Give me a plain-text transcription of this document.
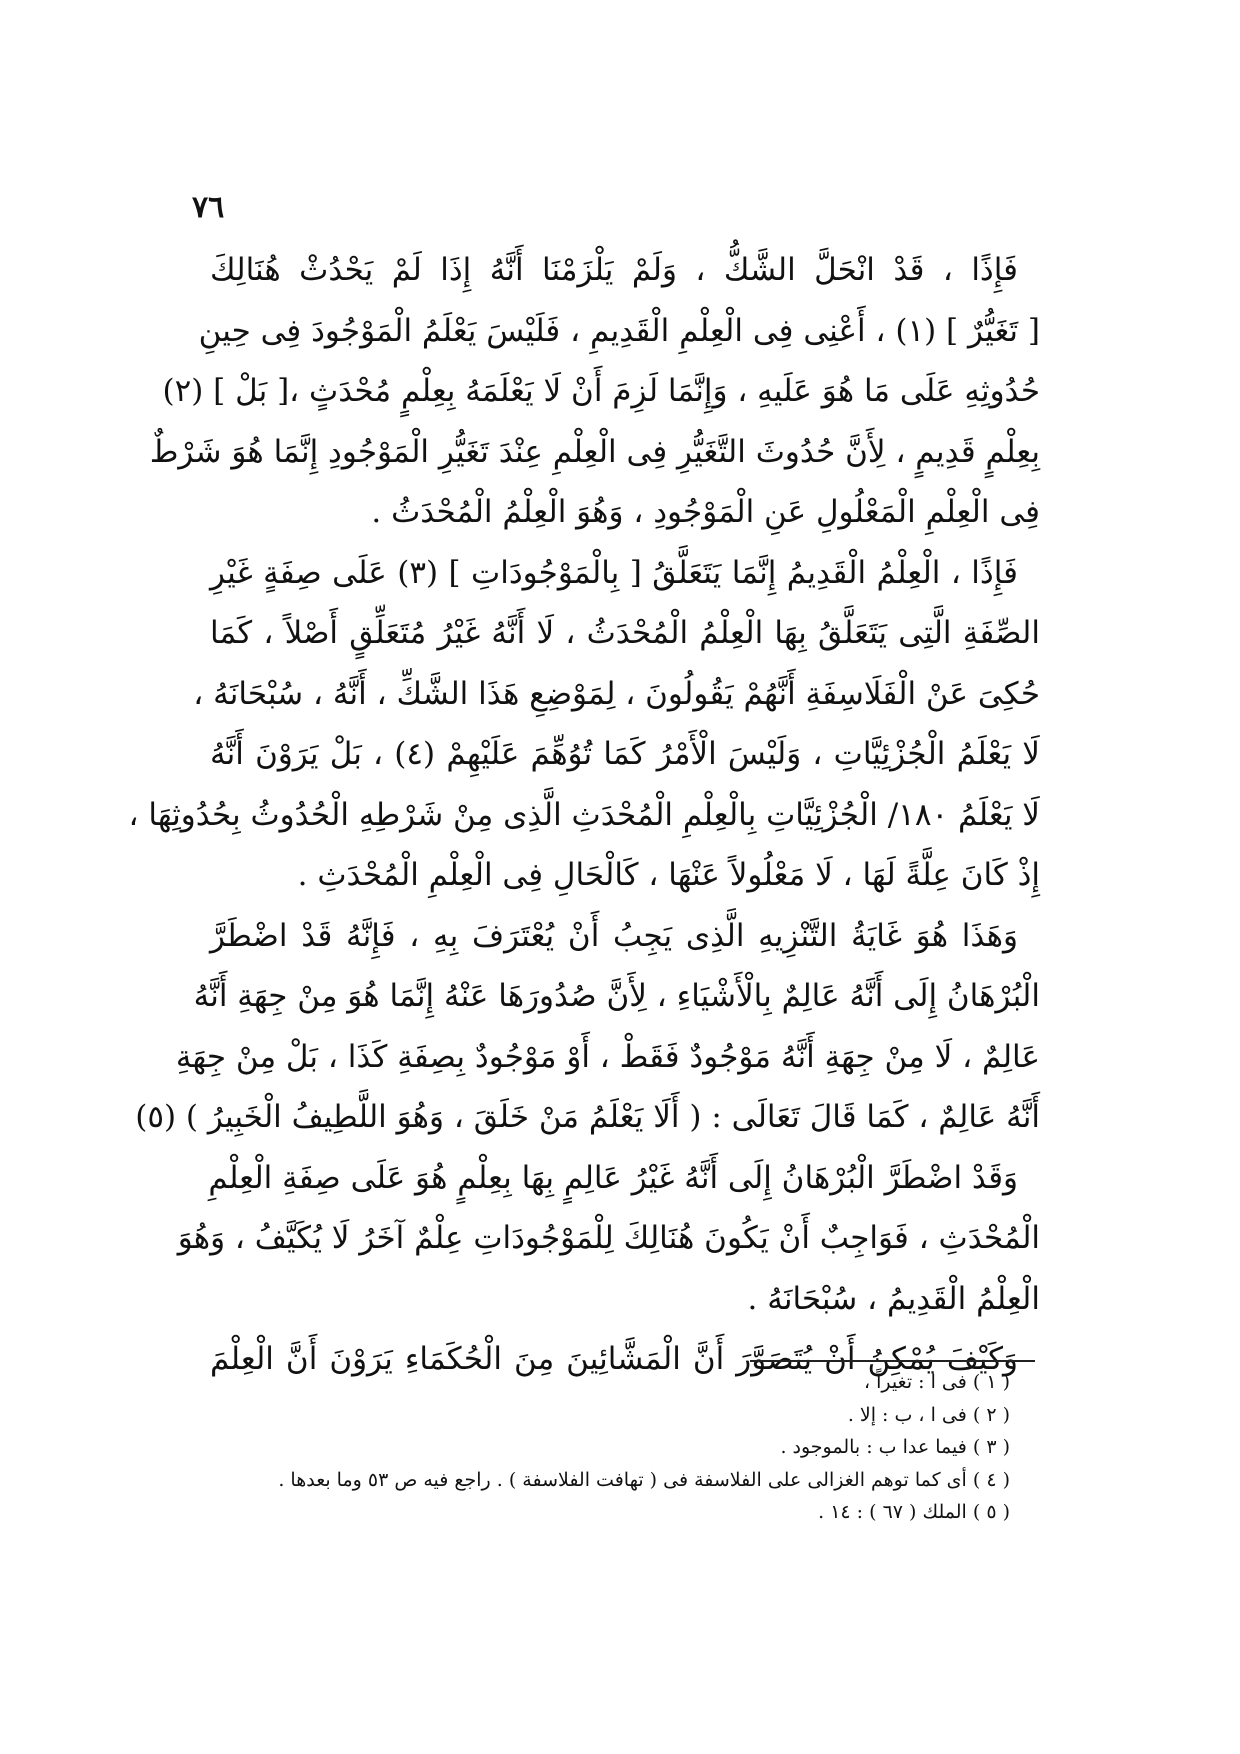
٧٦
فَإِذًا ، قَدْ انْحَلَّ الشَّكُّ ، وَلَمْ يَلْزَمْنَا أَنَّهُ إِذَا لَمْ يَحْدُثْ هُنَالِكَ
[ تَغَيُّرٌ ] (١) ، أَعْنِى فِى الْعِلْمِ الْقَدِيمِ ، فَلَيْسَ يَعْلَمُ الْمَوْجُودَ فِى حِينِ
حُدُوثِهِ عَلَى مَا هُوَ عَلَيهِ ، وَإِنَّمَا لَزِمَ أَنْ لَا يَعْلَمَهُ بِعِلْمٍ مُحْدَثٍ ،[ بَلْ ] (٢)
بِعِلْمٍ قَدِيمٍ ، لِأَنَّ حُدُوثَ التَّغَيُّرِ فِى الْعِلْمِ عِنْدَ تَغَيُّرِ الْمَوْجُودِ إِنَّمَا هُوَ شَرْطٌ
فِى الْعِلْمِ الْمَعْلُولِ عَنِ الْمَوْجُودِ ، وَهُوَ الْعِلْمُ الْمُحْدَثُ .
فَإِذًا ، الْعِلْمُ الْقَدِيمُ إِنَّمَا يَتَعَلَّقُ [ بِالْمَوْجُودَاتِ ] (٣) عَلَى صِفَةٍ غَيْرِ
الصِّفَةِ الَّتِى يَتَعَلَّقُ بِهَا الْعِلْمُ الْمُحْدَثُ ، لَا أَنَّهُ غَيْرُ مُتَعَلِّقٍ أَصْلاً ، كَمَا
حُكِىَ عَنْ الْفَلَاسِفَةِ أَنَّهُمْ يَقُولُونَ ، لِمَوْضِعِ هَذَا الشَّكِّ ، أَنَّهُ ، سُبْحَانَهُ ،
لَا يَعْلَمُ الْجُزْئِيَّاتِ ، وَلَيْسَ الْأَمْرُ كَمَا تُوُهِّمَ عَلَيْهِمْ (٤) ، بَلْ يَرَوْنَ أَنَّهُ
لَا يَعْلَمُ ١٨٠/ الْجُزْئِيَّاتِ بِالْعِلْمِ الْمُحْدَثِ الَّذِى مِنْ شَرْطِهِ الْحُدُوثُ بِحُدُوثِهَا ،
إِذْ كَانَ عِلَّةً لَهَا ، لَا مَعْلُولاً عَنْهَا ، كَالْحَالِ فِى الْعِلْمِ الْمُحْدَثِ .
وَهَذَا هُوَ غَايَةُ التَّنْزِيهِ الَّذِى يَجِبُ أَنْ يُعْتَرَفَ بِهِ ، فَإِنَّهُ قَدْ اضْطَرَّ
الْبُرْهَانُ إِلَى أَنَّهُ عَالِمٌ بِالْأَشْيَاءِ ، لِأَنَّ صُدُورَهَا عَنْهُ إِنَّمَا هُوَ مِنْ جِهَةِ أَنَّهُ
عَالِمٌ ، لَا مِنْ جِهَةِ أَنَّهُ مَوْجُودٌ فَقَطْ ، أَوْ مَوْجُودٌ بِصِفَةِ كَذَا ، بَلْ مِنْ جِهَةِ
أَنَّهُ عَالِمٌ ، كَمَا قَالَ تَعَالَى : ( أَلَا يَعْلَمُ مَنْ خَلَقَ ، وَهُوَ اللَّطِيفُ الْخَبِيرُ ) (٥)
وَقَدْ اضْطَرَّ الْبُرْهَانُ إِلَى أَنَّهُ غَيْرُ عَالِمٍ بِهَا بِعِلْمٍ هُوَ عَلَى صِفَةِ الْعِلْمِ
الْمُحْدَثِ ، فَوَاجِبٌ أَنْ يَكُونَ هُنَالِكَ لِلْمَوْجُودَاتِ عِلْمٌ آخَرُ لَا يُكَيَّفُ ، وَهُوَ
الْعِلْمُ الْقَدِيمُ ، سُبْحَانَهُ .
وَكَيْفَ يُمْكِنُ أَنْ يُتَصَوَّرَ أَنَّ الْمَشَّائِينَ مِنَ الْحُكَمَاءِ يَرَوْنَ أَنَّ الْعِلْمَ
( ١ ) فى ا : تغيراً ،
( ٢ ) فى ا ، ب : إلا .
( ٣ ) فيما عدا ب : بالموجود .
( ٤ ) أى كما توهم الغزالى على الفلاسفة فى ( تهافت الفلاسفة ) . راجع فيه ص ٥٣ وما بعدها .
( ٥ ) الملك ( ٦٧ ) : ١٤ .
